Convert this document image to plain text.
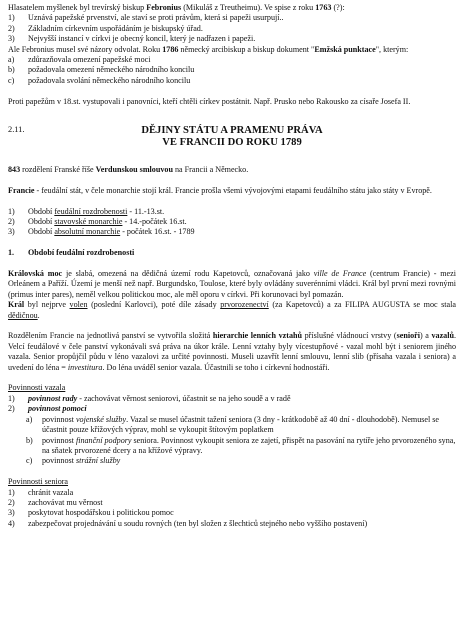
Hlasatelem myšlenek byl trevírský biskup Febronius (Mikuláš z Treutheimu). Ve spise z roku 1763 (?):

1)	Uznává papežské prvenství, ale staví se proti právům, která si papeži usurpují..
2)	Základním církevním uspořádáním je biskupský úřad.
3)	Nejvyšší instancí v církvi je obecný koncil, který je nadřazen i papeži.

Ale Febronius musel své názory odvolat. Roku 1786 německý arcibiskup a biskup dokument "Emžská punktace", kterým:

a)	zdůrazňovala omezení papežské moci
b)	požadovala omezení německého národního koncilu
c)	požadovala svolání německého národního koncilu

Proti papežům v 18.st. vystupovali i panovníci, kteří chtěli církev postátnit. Např. Prusko nebo Rakousko za císaře Josefa II.

2.11.	DĚJINY STÁTU A PRAMENU PRÁVA
VE FRANCII DO ROKU 1789

843 rozdělení Franské říše Verdunskou smlouvou na Francii a Německo.

Francie - feudální stát, v čele monarchie stojí král. Francie prošla všemi vývojovými etapami feudálního státu jako státy v Evropě.

1)	Období feudální rozdrobenosti - 11.-13.st.
2)	Období stavovské monarchie - 14.-počátek 16.st.
3)	Období absolutní monarchie - počátek 16.st. - 1789
1.	Období feudální rozdrobenosti

Královská moc je slabá, omezená na dědičná území rodu Kapetovců, označovaná jako ville de France (centrum Francie) - mezi Orleánem a Paříží. Území je menší než např. Burgundsko, Toulose, které byly ovládány suverénními vládci. Král byl první mezi rovnými (primus inter pares), neměl velkou politickou moc, ale měl oporu v církvi. Při korunovaci byl pomazán.

Král byl nejprve volen (poslední Karlovci), poté díle zásady prvorozenectví (za Kapetovců) a za FILIPA AUGUSTA se moc stala dědičnou.

Rozdělením Francie na jednotlivá panství se vytvořila složitá hierarchie lenních vztahů příslušné vládnoucí vrstvy (senioři) a vazalů. Velcí feudálové v čele panství vykonávali svá práva na úkor krále. Lenní vztahy byly vícestupňové - vazal mohl být i seniorem jiného vazala. Senior propůjčil půdu v léno vazalovi za určité povinnosti. Museli uzavřít lenní smlouvu, lenní slib (přísaha vazala i seniora) a uvedení do léna = investitura. Do léna uváděl senior vazala. Účastnili se toho i církevní hodnostáři.

Povinnosti vazala

1)	povinnost rady - zachovávat věrnost seniorovi, účastnit se na jeho soudě a v radě
2)	povinnost pomoci
a)	povinnost vojenské služby. Vazal se musel účastnit tažení seniora (3 dny - krátkodobě až 40 dní - dlouhodobě). Nemusel se účastnit pouze křížových výprav, mohl se vykoupit štítovým poplatkem
b)	povinnost finanční podpory seniora. Povinnost vykoupit seniora ze zajetí, přispět na pasování na rytíře jeho prvorozeného syna, na sňatek prvorozené dcery a na křížové výpravy.
c)	povinnost strážní služby

Povinnosti seniora

1)	chránit vazala
2)	zachovávat mu věrnost
3)	poskytovat hospodářskou i politickou pomoc
4)	zabezpečovat projednávání u soudu rovných (ten byl složen z šlechticů stejného nebo vyššího postavení)
